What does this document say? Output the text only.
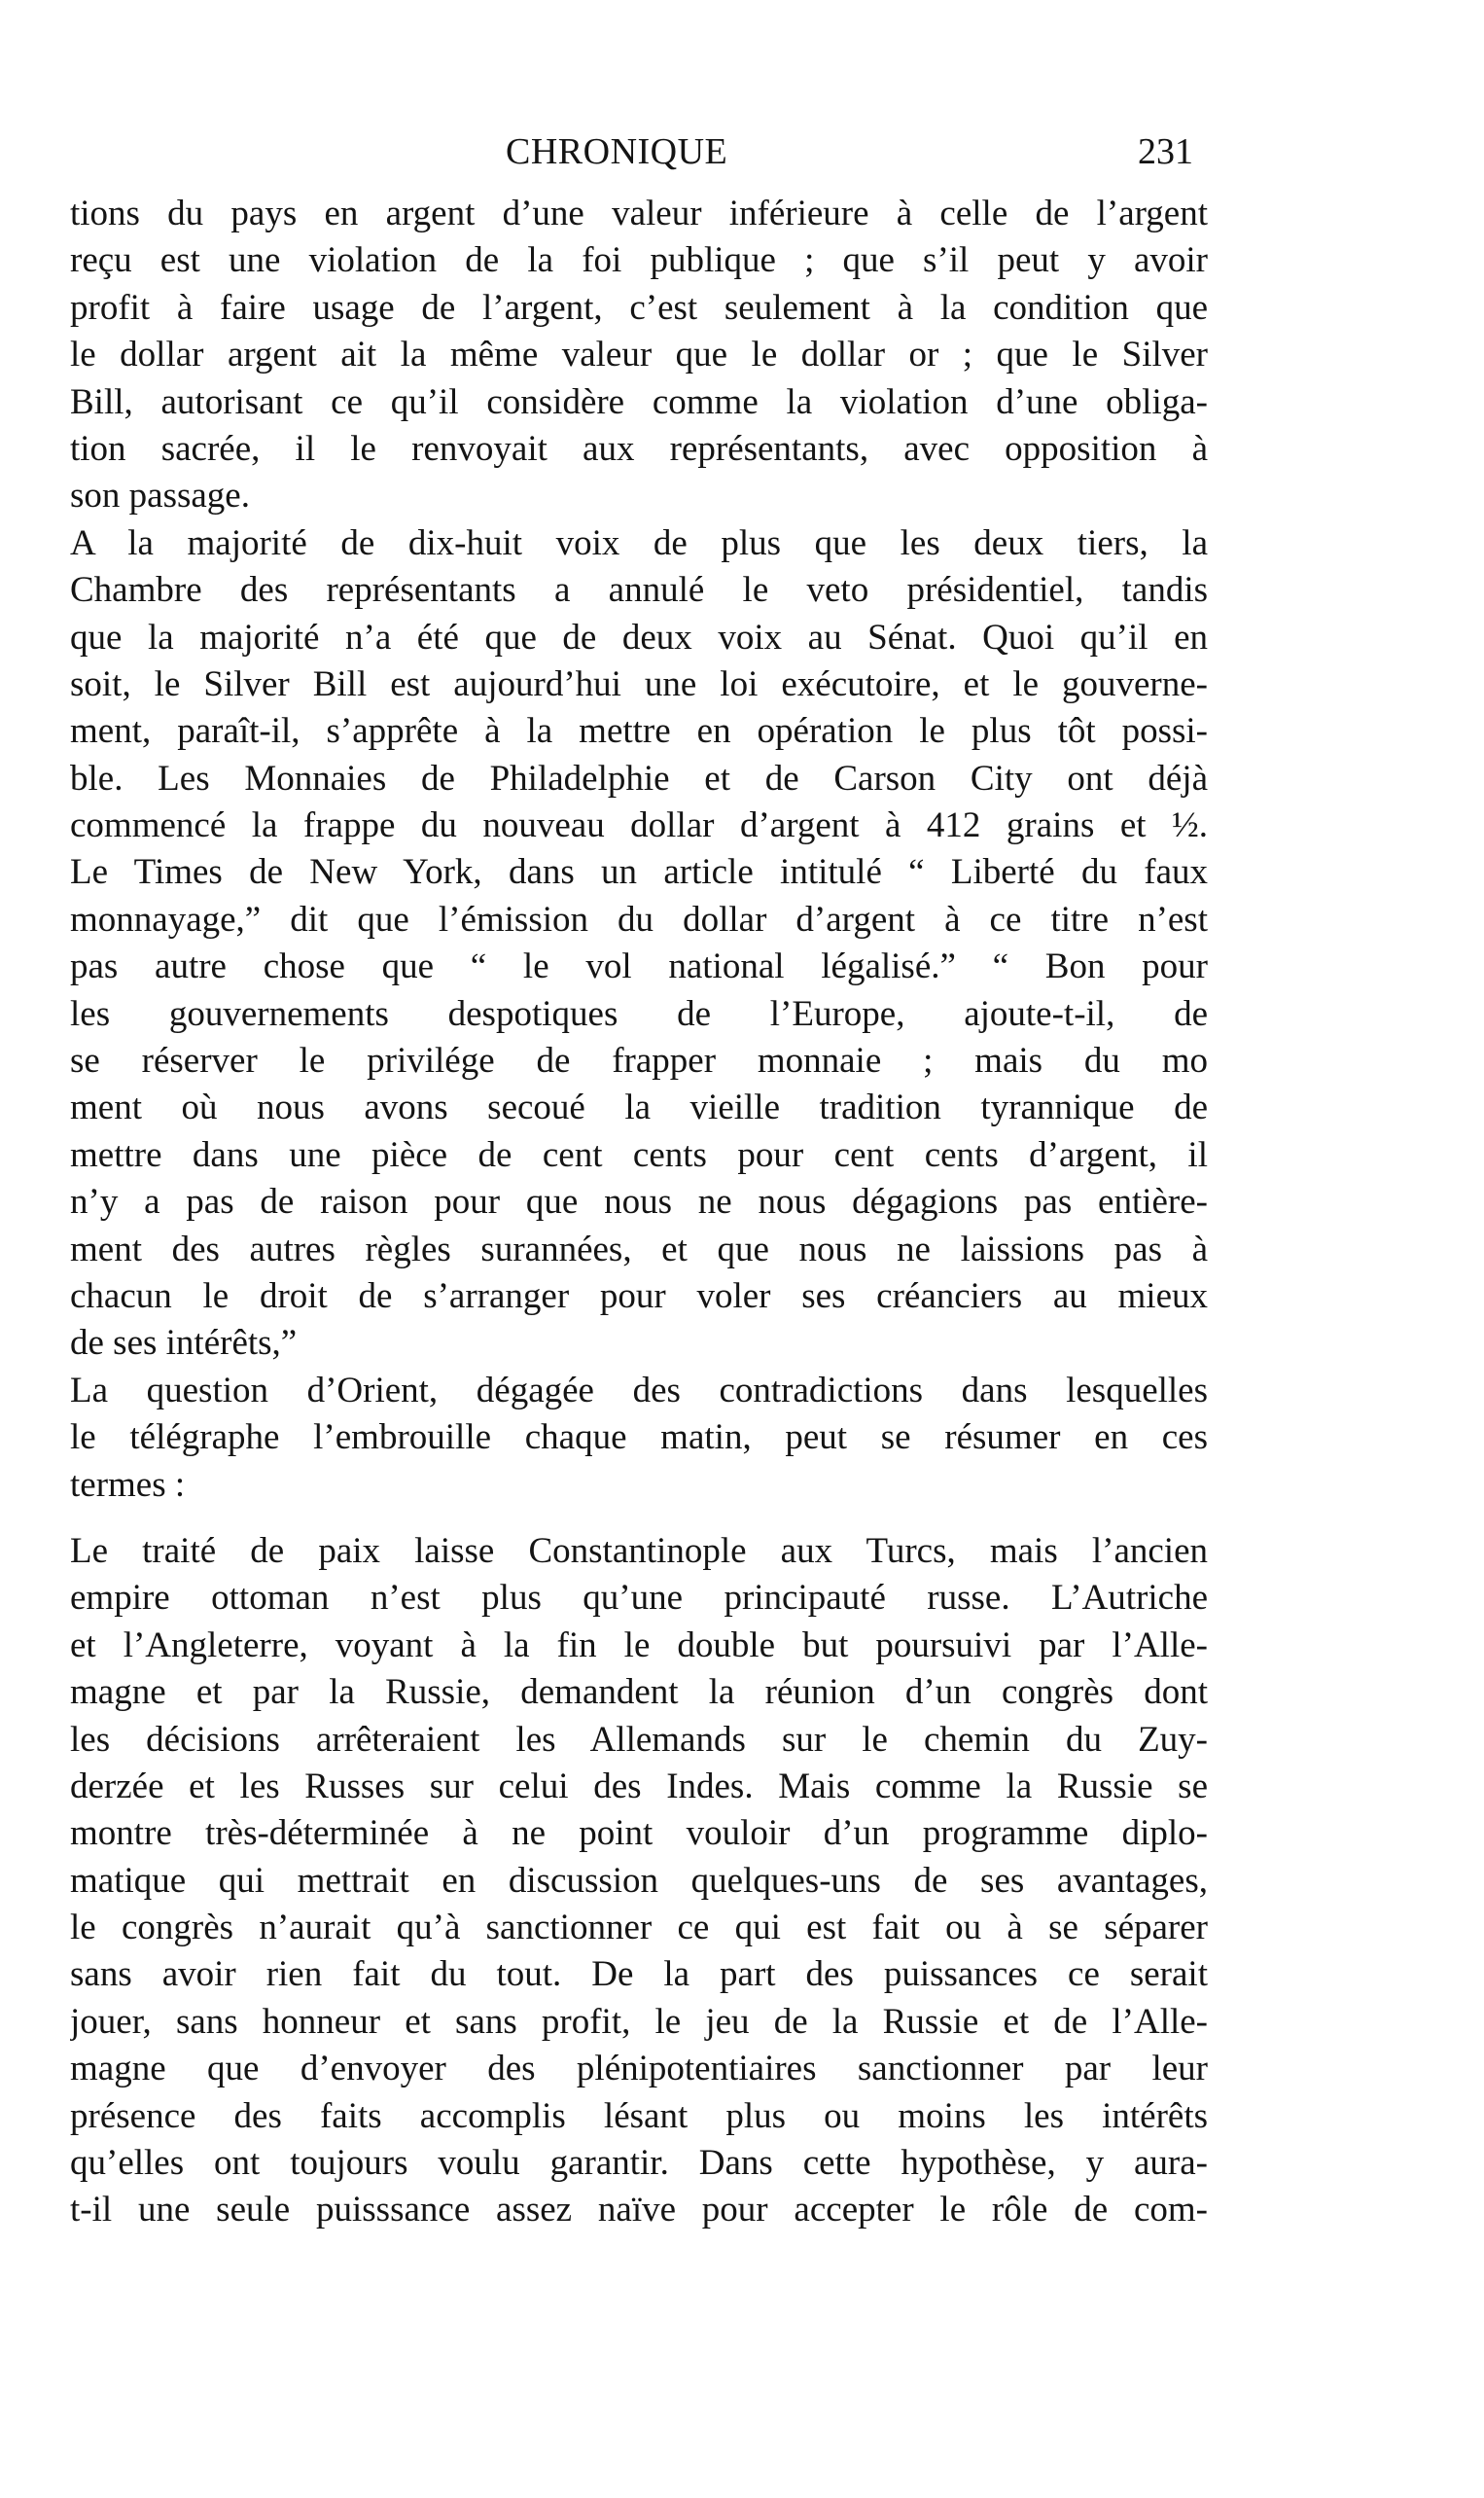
CHRONIQUE	231
tions du pays en argent d’une valeur inférieure à celle de l’argent
reçu est une violation de la foi publique ; que s’il peut y avoir
profit à faire usage de l’argent, c’est seulement à la condition que
le dollar argent ait la même valeur que le dollar or ; que le Silver
Bill, autorisant ce qu’il considère comme la violation d’une obliga-
tion sacrée, il le renvoyait aux représentants, avec opposition à
son passage.
A la majorité de dix-huit voix de plus que les deux tiers, la
Chambre des représentants a annulé le veto présidentiel, tandis
que la majorité n’a été que de deux voix au Sénat. Quoi qu’il en
soit, le Silver Bill est aujourd’hui une loi exécutoire, et le gouverne-
ment, paraît-il, s’apprête à la mettre en opération le plus tôt possi-
ble. Les Monnaies de Philadelphie et de Carson City ont déjà
commencé la frappe du nouveau dollar d’argent à 412 grains et ½.
Le Times de New York, dans un article intitulé “ Liberté du faux
monnayage,” dit que l’émission du dollar d’argent à ce titre n’est
pas autre chose que “ le vol national légalisé.” “ Bon pour
les gouvernements despotiques de l’Europe, ajoute-t-il, de
se réserver le privilége de frapper monnaie ; mais du mo
ment où nous avons secoué la vieille tradition tyrannique de
mettre dans une pièce de cent cents pour cent cents d’argent, il
n’y a pas de raison pour que nous ne nous dégagions pas entière-
ment des autres règles surannées, et que nous ne laissions pas à
chacun le droit de s’arranger pour voler ses créanciers au mieux
de ses intérêts,”
La question d’Orient, dégagée des contradictions dans lesquelles
le télégraphe l’embrouille chaque matin, peut se résumer en ces
termes :
Le traité de paix laisse Constantinople aux Turcs, mais l’ancien
empire ottoman n’est plus qu’une principauté russe. L’Autriche
et l’Angleterre, voyant à la fin le double but poursuivi par l’Alle-
magne et par la Russie, demandent la réunion d’un congrès dont
les décisions arrêteraient les Allemands sur le chemin du Zuy-
derzée et les Russes sur celui des Indes. Mais comme la Russie se
montre très-déterminée à ne point vouloir d’un programme diplo-
matique qui mettrait en discussion quelques-uns de ses avantages,
le congrès n’aurait qu’à sanctionner ce qui est fait ou à se séparer
sans avoir rien fait du tout. De la part des puissances ce serait
jouer, sans honneur et sans profit, le jeu de la Russie et de l’Alle-
magne que d’envoyer des plénipotentiaires sanctionner par leur
présence des faits accomplis lésant plus ou moins les intérêts
qu’elles ont toujours voulu garantir. Dans cette hypothèse, y aura-
t-il une seule puisssance assez naïve pour accepter le rôle de com-
